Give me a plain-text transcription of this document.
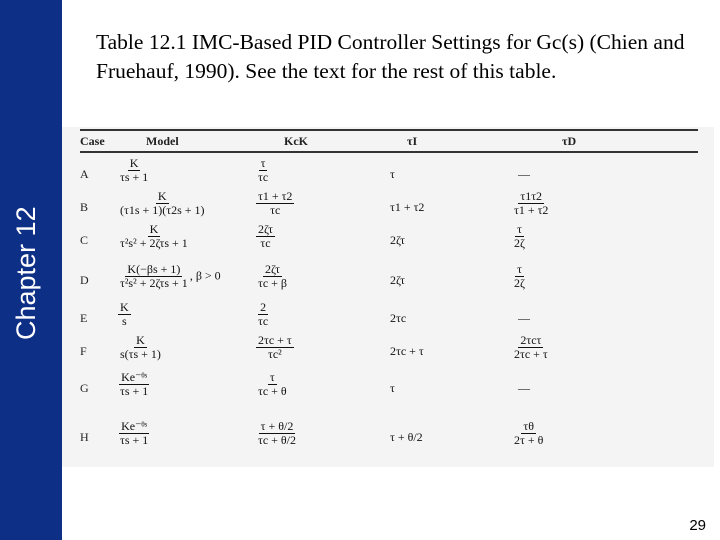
Chapter 12
Table 12.1 IMC-Based PID Controller Settings for Gc(s) (Chien and Fruehauf, 1990). See the text for the rest of this table.
Case	Model	KcK	τI	τD
A $\frac{K}{\tau s + 1}$	$\frac{\tau}{\tau c}$	τ	—
B $\frac{K}{(\tau 1s + 1)(\tau 2s + 1)}$	$\frac{\tau 1 + \tau 2}{\tau c}$	τ1 + τ2	$\frac{\tau 1\tau 2}{\tau 1 + \tau 2}$
C $\frac{K}{\text{τ²s² + 2ζτs + 1}}$	$\frac{2\zeta\tau}{\tau c}$	2ζτ	$\frac{\tau}{2\zeta}$
D $\frac{K(-\beta s + 1)}{\text{τ²s² + 2ζτs + 1}}$ , β > 0	$\frac{2\zeta\tau}{\tau c + \beta}$	2ζτ	$\frac{\tau}{2\zeta}$
E	$\frac{K}{s}$	$\frac{2}{\tau c}$	2τc	—
F	$\frac{K}{s(\tau s + 1)}$	$\frac{2\tau c + \tau}{\text{τc²}}$	2τc + τ	$\frac{\text{2τcτ}}{2\tau c + \tau}$
G $\frac{\text{Ke⁻ᶿˢ}}{\tau s + 1}$	$\frac{\tau}{\tau c + \theta}$	τ	—
H $\frac{\text{Ke⁻ᶿˢ}}{\tau s + 1}$	$\frac{\tau + \theta/2}{\tau c + \theta/2}$	τ + θ/2	$\frac{\tau\theta}{2\tau + \theta}$
29
